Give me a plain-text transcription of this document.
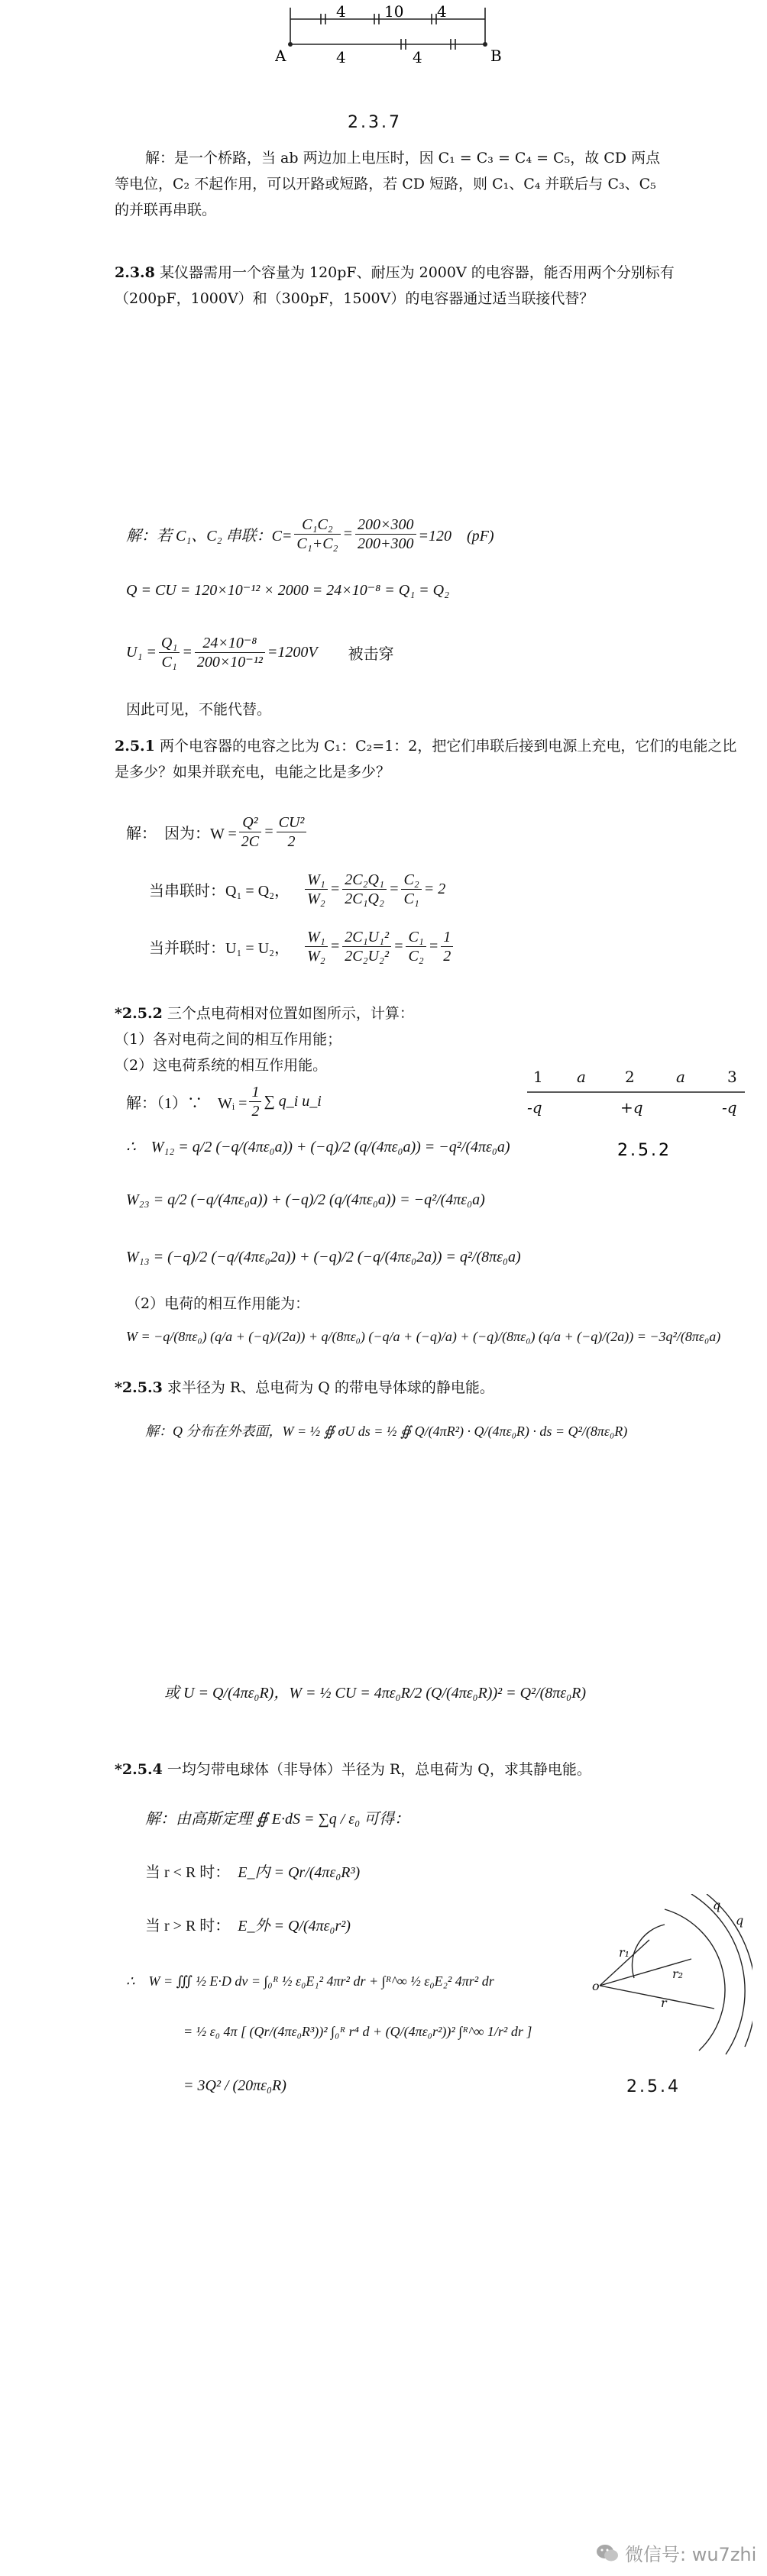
4	10 4
4	4
A	B
2.3.7
解：是一个桥路，当 ab 两边加上电压时，因 C₁ = C₃ = C₄ = C₅，故 CD 两点
等电位，C₂ 不起作用，可以开路或短路，若 CD 短路，则 C₁、C₄ 并联后与 C₃、C₅
的并联再串联。
2.3.8 某仪器需用一个容量为 120pF、耐压为 2000V 的电容器，能否用两个分别标有（200pF，1000V）和（300pF，1500V）的电容器通过适当联接代替？
解：若 C₁、C₂ 串联：$C= \frac{\text{C₁C₂}}{\text{C₁+C₂}} = \frac{200\times 300}{200+300} =120$　(pF)
Q = CU = 120×10⁻¹² × 2000 = 24×10⁻⁸ = Q₁ = Q₂
$U_1 = \frac{\text{Q₁}}{\text{C₁}} = \frac{\text{24×10⁻⁸}}{\text{200×10⁻¹²}} =1200V$ 被击穿
因此可见，不能代替。
2.5.1 两个电容器的电容之比为 C₁：C₂=1：2，把它们串联后接到电源上充电，它们的电能之比是多少？如果并联充电，电能之比是多少？
解：　因为：$W = \frac{\text{Q²}}{2C} = \frac{\text{CU²}}{2}$
当串联时：Q₁ = Q₂， $\frac{\text{W₁}}{\text{W₂}} = \frac{\text{2C₂Q₁}}{\text{2C₁Q₂}} = \frac{\text{C₂}}{\text{C₁}} = 2$
当并联时：U₁ = U₂， $\frac{\text{W₁}}{\text{W₂}} = \frac{\text{2C₁U₁²}}{\text{2C₂U₂²}} = \frac{\text{C₁}}{\text{C₂}} = \frac{1}{2}$
*2.5.2 三个点电荷相对位置如图所示，计算：
（1）各对电荷之间的相互作用能；
（2）这电荷系统的相互作用能。
解：（1）∵　Wᵢ = $\frac{1}{2}$ ∑ q_i u_i
1	2	3
a	a
-q	+q	-q
2.5.2
∴　W₁₂ = q/2 (−q/(4πε₀a)) + (−q)/2 (q/(4πε₀a)) = −q²/(4πε₀a)
W₂₃ = q/2 (−q/(4πε₀a)) + (−q)/2 (q/(4πε₀a)) = −q²/(4πε₀a)
W₁₃ = (−q)/2 (−q/(4πε₀2a)) + (−q)/2 (−q/(4πε₀2a)) = q²/(8πε₀a)
（2）电荷的相互作用能为：
W = −q/(8πε₀) (q/a + (−q)/(2a)) + q/(8πε₀) (−q/a + (−q)/a) + (−q)/(8πε₀) (q/a + (−q)/(2a)) = −3q²/(8πε₀a)
*2.5.3 求半径为 R、总电荷为 Q 的带电导体球的静电能。
解：Q 分布在外表面，W = ½ ∯ σU ds = ½ ∯ Q/(4πR²) · Q/(4πε₀R) · ds = Q²/(8πε₀R)
或 U = Q/(4πε₀R)，W = ½ CU = 4πε₀R/2 (Q/(4πε₀R))² = Q²/(8πε₀R)
*2.5.4 一均匀带电球体（非导体）半径为 R，总电荷为 Q，求其静电能。
解：由高斯定理 ∯ E·dS = ∑q / ε₀ 可得：
当 r < R 时： E_内 = Qr/(4πε₀R³)
当 r > R 时： E_外 = Q/(4πε₀r²)
∴　W = ∭ ½ E·D dv = ∫₀ᴿ ½ ε₀E₁² 4πr² dr + ∫ᴿ^∞ ½ ε₀E₂² 4πr² dr
= ½ ε₀ 4π [ (Qr/(4πε₀R³))² ∫₀ᴿ r⁴ d + (Q/(4πε₀r²))² ∫ᴿ^∞ 1/r² dr ]
= 3Q² / (20πε₀R)
o
r₁
r₂
r
q
q
2.5.4
微信号: wu7zhi
